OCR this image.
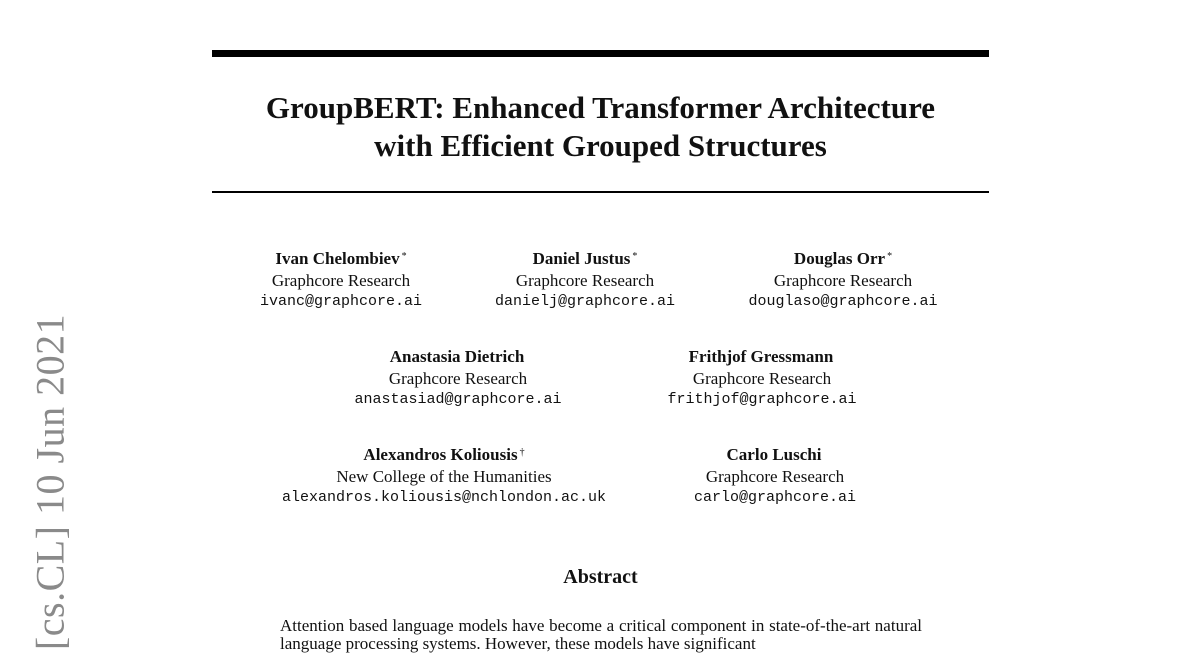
GroupBERT: Enhanced Transformer Architecture
with Efficient Grouped Structures
Ivan Chelombiev *
Graphcore Research
ivanc@graphcore.ai
Daniel Justus *
Graphcore Research
danielj@graphcore.ai
Douglas Orr *
Graphcore Research
douglaso@graphcore.ai
Anastasia Dietrich
Graphcore Research
anastasiad@graphcore.ai
Frithjof Gressmann
Graphcore Research
frithjof@graphcore.ai
Alexandros Koliousis †
New College of the Humanities
alexandros.koliousis@nchlondon.ac.uk
Carlo Luschi
Graphcore Research
carlo@graphcore.ai
Abstract

Attention based language models have become a critical component in state-of-the-art natural language processing systems. However, these models have significant

[cs.CL] 10 Jun 2021
